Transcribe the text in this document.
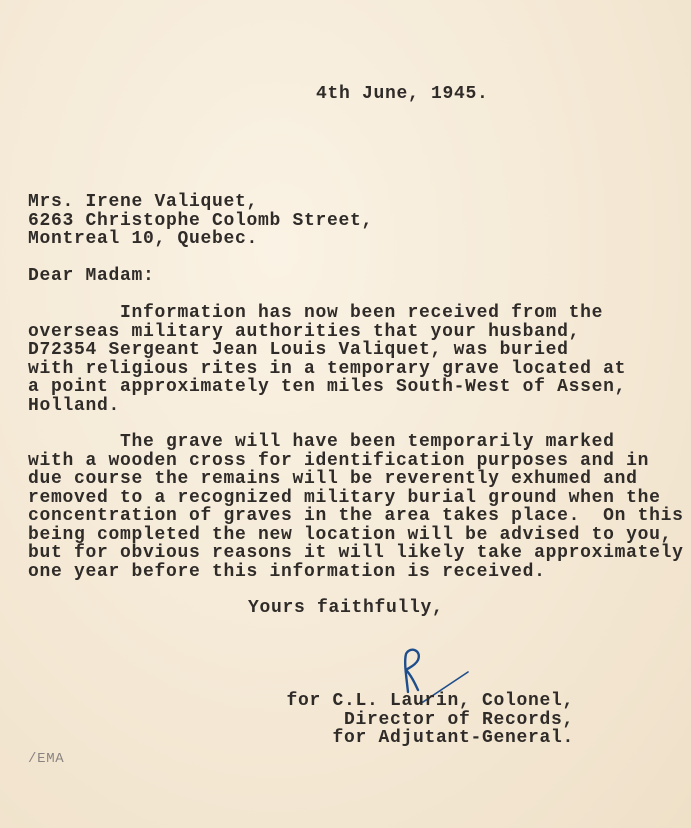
4th June, 1945.
Mrs. Irene Valiquet,
6263 Christophe Colomb Street,
Montreal 10, Quebec.
Dear Madam:
Information has now been received from the
overseas military authorities that your husband,
D72354 Sergeant Jean Louis Valiquet, was buried
with religious rites in a temporary grave located at
a point approximately ten miles South-West of Assen,
Holland.
The grave will have been temporarily marked
with a wooden cross for identification purposes and in
due course the remains will be reverently exhumed and
removed to a recognized military burial ground when the
concentration of graves in the area takes place.  On this
being completed the new location will be advised to you,
but for obvious reasons it will likely take approximately
one year before this information is received.
Yours faithfully,
for C.L. Laurin, Colonel,
Director of Records,
for Adjutant-General.
/EMA
